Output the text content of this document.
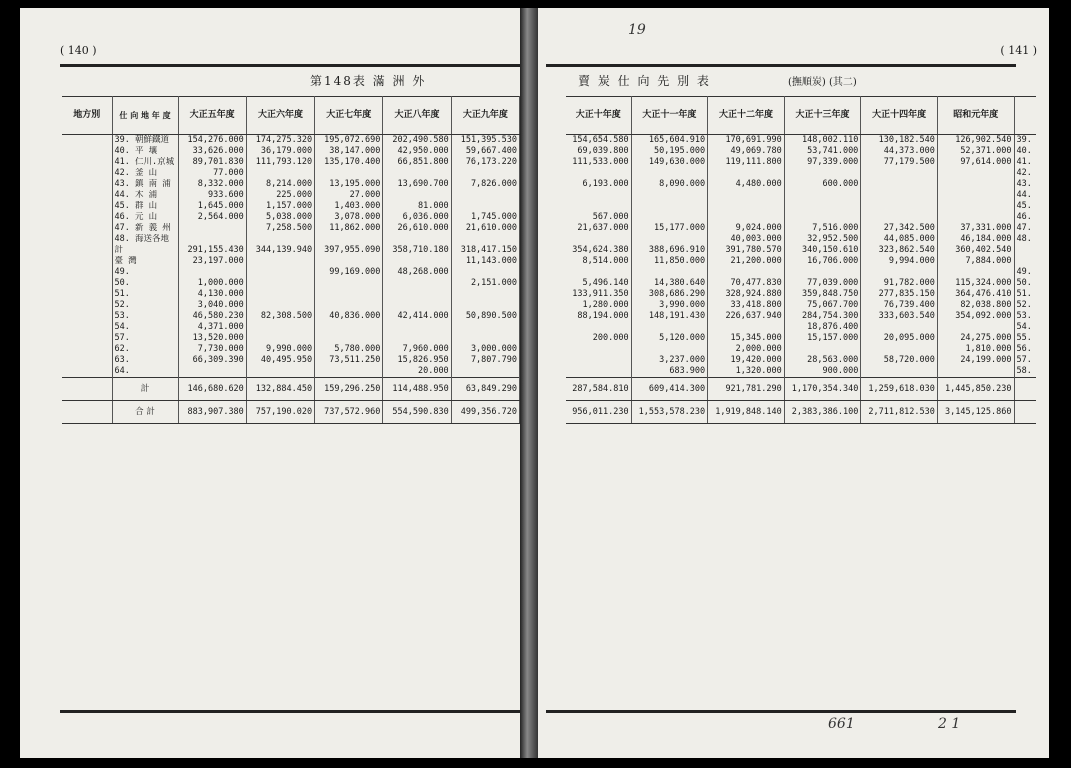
( 140 )
第148表 滿 洲 外
地方別	仕 向 地 年 度	大正五年度	大正六年度	大正七年度	大正八年度	大正九年度
	39. 朝鮮鐵道	154,276.000	174,275.320	195,072.690	202,490.580	151,395.530
	40. 平 壤	33,626.000	36,179.000	38,147.000	42,950.000	59,667.400
	41. 仁川.京城	89,701.830	111,793.120	135,170.400	66,851.800	76,173.220
	42. 釜 山	77.000				
	43. 鎮 南 浦	8,332.000	8,214.000	13,195.000	13,690.700	7,826.000
	44. 木 浦	933.600	225.000	27.000		
	45. 群 山	1,645.000	1,157.000	1,403.000	81.000	
	46. 元 山	2,564.000	5,038.000	3,078.000	6,036.000	1,745.000
	47. 新 義 州		7,258.500	11,862.000	26,610.000	21,610.000
	48. 海送各地					
	計	291,155.430	344,139.940	397,955.090	358,710.180	318,417.150
	臺 灣	23,197.000				11,143.000
	49.			99,169.000	48,268.000	
	50.	1,000.000				2,151.000
	51.	4,130.000				
	52.	3,040.000				
	53.	46,580.230	82,308.500	40,836.000	42,414.000	50,890.500
	54.	4,371.000				
	57.	13,520.000				
	62.	7,730.000	9,990.000	5,780.000	7,960.000	3,000.000
	63.	66,309.390	40,495.950	73,511.250	15,826.950	7,807.790
	64.				20.000	
	計	146,680.620	132,884.450	159,296.250	114,488.950	63,849.290
	合 計	883,907.380	757,190.020	737,572.960	554,590.830	499,356.720
( 141 )
賣 炭 仕 向 先 別 表	(撫順炭) (其二)
大正十年度	大正十一年度	大正十二年度	大正十三年度	大正十四年度	昭和元年度	
154,654.580	165,604.910	170,691.990	148,002.110	130,182.540	126,902.540	39.
69,039.800	50,195.000	49,069.780	53,741.000	44,373.000	52,371.000	40.
111,533.000	149,630.000	119,111.800	97,339.000	77,179.500	97,614.000	41.
						42.
6,193.000	8,090.000	4,480.000	600.000			43.
						44.
						45.
567.000						46.
21,637.000	15,177.000	9,024.000	7,516.000	27,342.500	37,331.000	47.
		40,003.000	32,952.500	44,085.000	46,184.000	48.
354,624.380	388,696.910	391,780.570	340,150.610	323,862.540	360,402.540	
8,514.000	11,850.000	21,200.000	16,706.000	9,994.000	7,884.000	
						49.
5,496.140	14,380.640	70,477.830	77,039.000	91,782.000	115,324.000	50.
133,911.350	308,686.290	328,924.880	359,848.750	277,835.150	364,476.410	51.
1,280.000	3,990.000	33,418.800	75,067.700	76,739.400	82,038.800	52.
88,194.000	148,191.430	226,637.940	284,754.300	333,603.540	354,092.000	53.
			18,876.400			54.
200.000	5,120.000	15,345.000	15,157.000	20,095.000	24,275.000	55.
		2,000.000			1,810.000	56.
	3,237.000	19,420.000	28,563.000	58,720.000	24,199.000	57.
	683.900	1,320.000	900.000			58.
287,584.810	609,414.300	921,781.290	1,170,354.340	1,259,618.030	1,445,850.230	
956,011.230	1,553,578.230	1,919,848.140	2,383,386.100	2,711,812.530	3,145,125.860	
19
661	2 1
